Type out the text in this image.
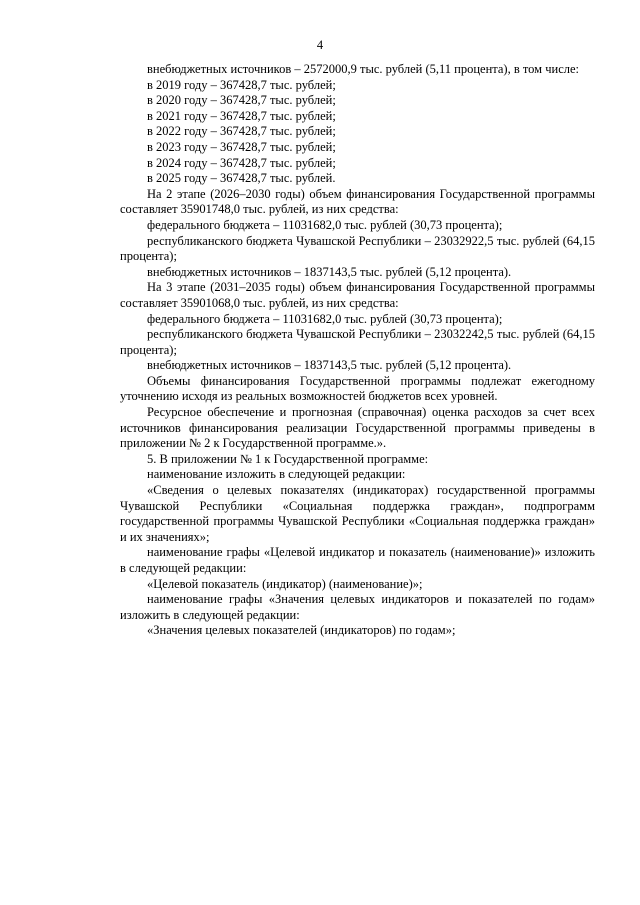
4

внебюджетных источников – 2572000,9 тыс. рублей (5,11 процента), в том числе:

в 2019 году – 367428,7 тыс. рублей;

в 2020 году – 367428,7 тыс. рублей;

в 2021 году – 367428,7 тыс. рублей;

в 2022 году – 367428,7 тыс. рублей;

в 2023 году – 367428,7 тыс. рублей;

в 2024 году – 367428,7 тыс. рублей;

в 2025 году – 367428,7 тыс. рублей.

На 2 этапе (2026–2030 годы) объем финансирования Государственной программы составляет 35901748,0 тыс. рублей, из них средства:

федерального бюджета – 11031682,0 тыс. рублей (30,73 процента);

республиканского бюджета Чувашской Республики – 23032922,5 тыс. рублей (64,15 процента);

внебюджетных источников – 1837143,5 тыс. рублей (5,12 процента).

На 3 этапе (2031–2035 годы) объем финансирования Государственной программы составляет 35901068,0 тыс. рублей, из них средства:

федерального бюджета – 11031682,0 тыс. рублей (30,73 процента);

республиканского бюджета Чувашской Республики – 23032242,5 тыс. рублей (64,15 процента);

внебюджетных источников – 1837143,5 тыс. рублей (5,12 процента).

Объемы финансирования Государственной программы подлежат ежегодному уточнению исходя из реальных возможностей бюджетов всех уровней.

Ресурсное обеспечение и прогнозная (справочная) оценка расходов за счет всех источников финансирования реализации Государственной программы приведены в приложении № 2 к Государственной программе.».

5. В приложении № 1 к Государственной программе:

наименование изложить в следующей редакции:

«Сведения о целевых показателях (индикаторах) государственной программы Чувашской Республики «Социальная поддержка граждан», подпрограмм государственной программы Чувашской Республики «Социальная поддержка граждан» и их значениях»;

наименование графы «Целевой индикатор и показатель (наименование)» изложить в следующей редакции:

«Целевой показатель (индикатор) (наименование)»;

наименование графы «Значения целевых индикаторов и показателей по годам» изложить в следующей редакции:

«Значения целевых показателей (индикаторов) по годам»;
